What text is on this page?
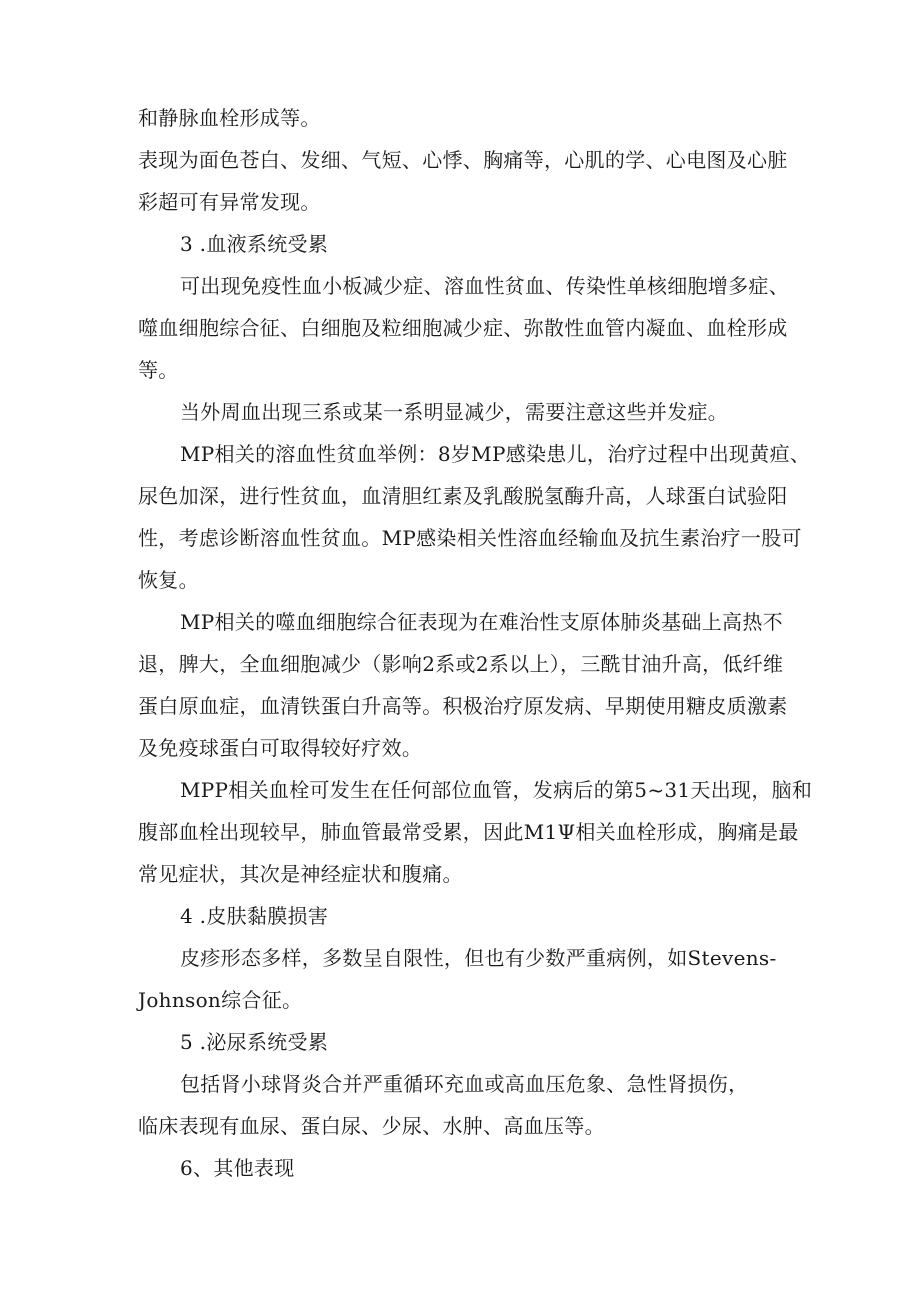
和静脉血栓形成等。
表现为面色苍白、发细、气短、心悸、胸痛等，心肌的学、心电图及心脏
彩超可有异常发现。
3 .血液系统受累
可出现免疫性血小板减少症、溶血性贫血、传染性单核细胞增多症、
噬血细胞综合征、白细胞及粒细胞减少症、弥散性血管内凝血、血栓形成
等。
当外周血出现三系或某一系明显减少，需要注意这些并发症。
MP相关的溶血性贫血举例：8岁MP感染患儿，治疗过程中出现黄疸、
尿色加深，进行性贫血，血清胆红素及乳酸脱氢酶升高，人球蛋白试验阳
性，考虑诊断溶血性贫血。MP感染相关性溶血经输血及抗生素治疗一股可
恢复。
MP相关的噬血细胞综合征表现为在难治性支原体肺炎基础上高热不
退，脾大，全血细胞减少（影响2系或2系以上），三酰甘油升高，低纤维
蛋白原血症，血清铁蛋白升高等。积极治疗原发病、早期使用糖皮质激素
及免疫球蛋白可取得较好疗效。
MPP相关血栓可发生在任何部位血管，发病后的第5~31天出现，脑和
腹部血栓出现较早，肺血管最常受累，因此M1Ψ相关血栓形成，胸痛是最
常见症状，其次是神经症状和腹痛。
4 .皮肤黏膜损害
皮疹形态多样，多数呈自限性，但也有少数严重病例，如Stevens-
Johnson综合征。
5 .泌尿系统受累
包括肾小球肾炎合并严重循环充血或高血压危象、急性肾损伤，
临床表现有血尿、蛋白尿、少尿、水肿、高血压等。
6、其他表现
